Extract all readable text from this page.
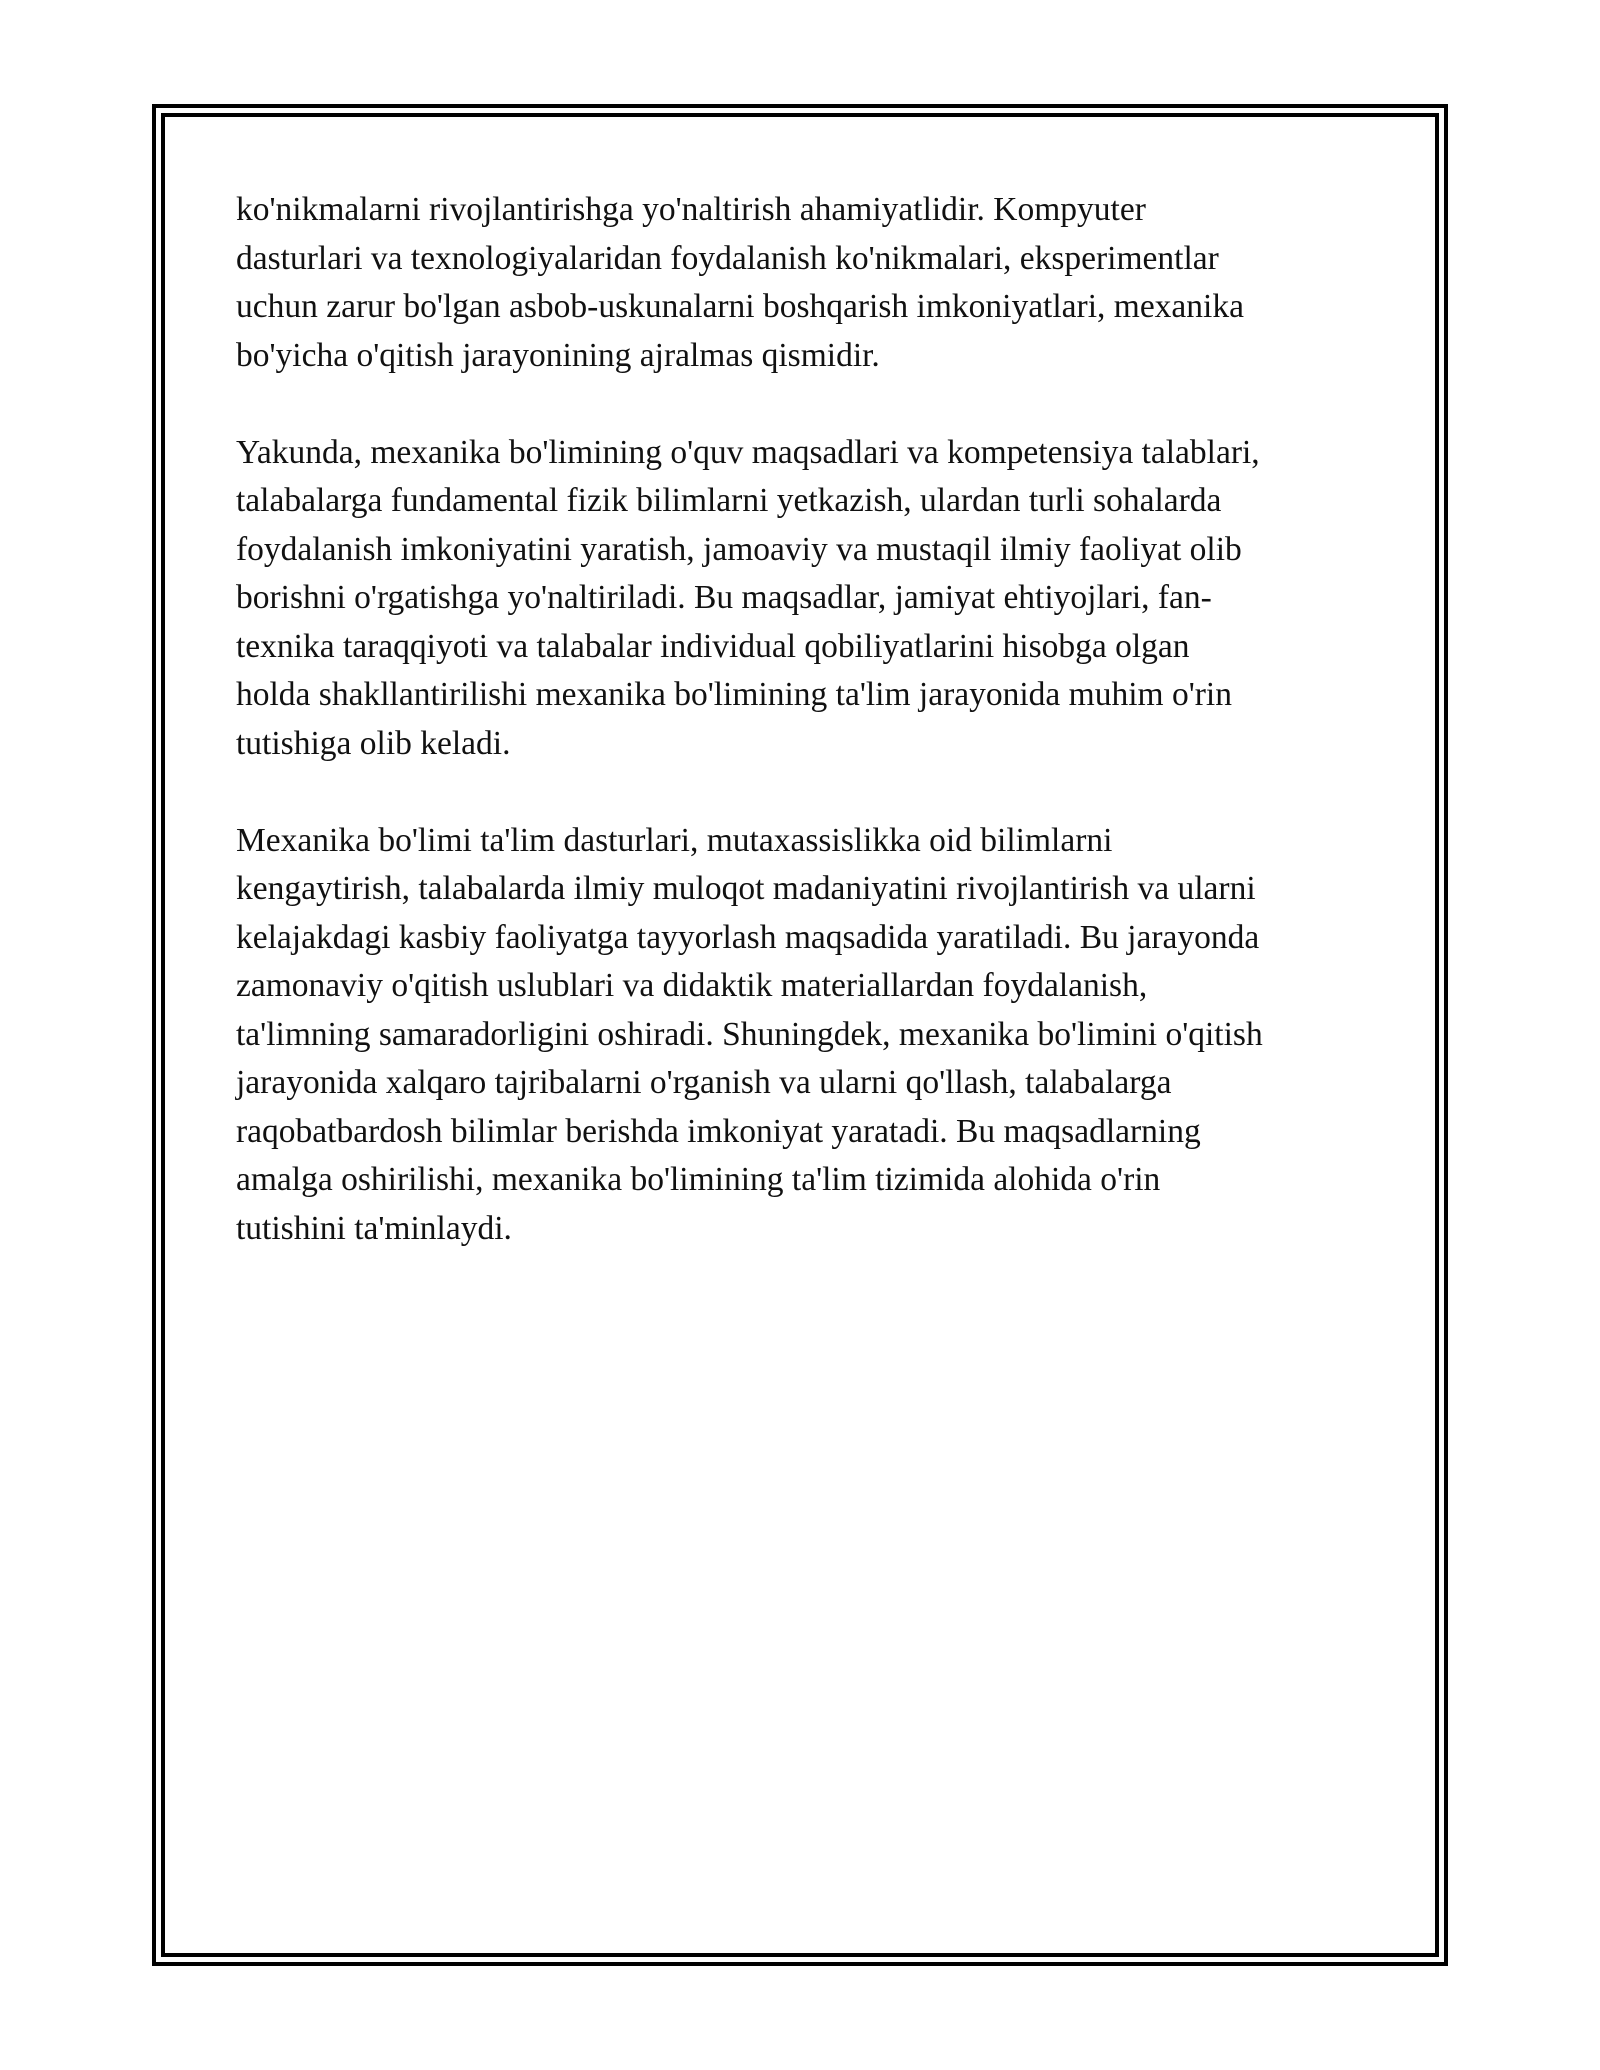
ko'nikmalarni rivojlantirishga yo'naltirish ahamiyatlidir. Kompyuter
dasturlari va texnologiyalaridan foydalanish ko'nikmalari, eksperimentlar
uchun zarur bo'lgan asbob-uskunalarni boshqarish imkoniyatlari, mexanika
bo'yicha o'qitish jarayonining ajralmas qismidir.

Yakunda, mexanika bo'limining o'quv maqsadlari va kompetensiya talablari,
talabalarga fundamental fizik bilimlarni yetkazish, ulardan turli sohalarda
foydalanish imkoniyatini yaratish, jamoaviy va mustaqil ilmiy faoliyat olib
borishni o'rgatishga yo'naltiriladi. Bu maqsadlar, jamiyat ehtiyojlari, fan-
texnika taraqqiyoti va talabalar individual qobiliyatlarini hisobga olgan
holda shakllantirilishi mexanika bo'limining ta'lim jarayonida muhim o'rin
tutishiga olib keladi.

Mexanika bo'limi ta'lim dasturlari, mutaxassislikka oid bilimlarni
kengaytirish, talabalarda ilmiy muloqot madaniyatini rivojlantirish va ularni
kelajakdagi kasbiy faoliyatga tayyorlash maqsadida yaratiladi. Bu jarayonda
zamonaviy o'qitish uslublari va didaktik materiallardan foydalanish,
ta'limning samaradorligini oshiradi. Shuningdek, mexanika bo'limini o'qitish
jarayonida xalqaro tajribalarni o'rganish va ularni qo'llash, talabalarga
raqobatbardosh bilimlar berishda imkoniyat yaratadi. Bu maqsadlarning
amalga oshirilishi, mexanika bo'limining ta'lim tizimida alohida o'rin
tutishini ta'minlaydi.
